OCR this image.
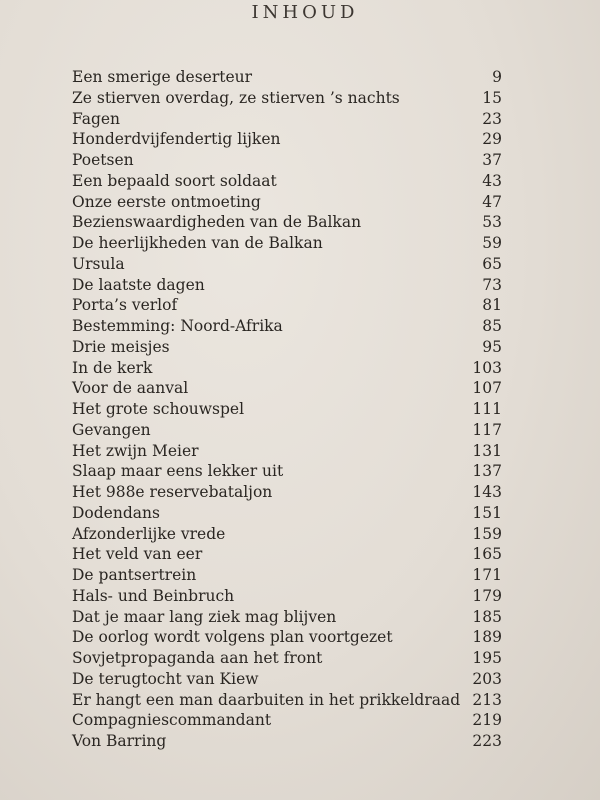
INHOUD
Een smerige deserteur	9
Ze stierven overdag, ze stierven ’s nachts	15
Fagen	23
Honderdvijfendertig lijken	29
Poetsen	37
Een bepaald soort soldaat	43
Onze eerste ontmoeting	47
Bezienswaardigheden van de Balkan	53
De heerlijkheden van de Balkan	59
Ursula	65
De laatste dagen	73
Porta’s verlof	81
Bestemming: Noord-Afrika	85
Drie meisjes	95
In de kerk	103
Voor de aanval	107
Het grote schouwspel	111
Gevangen	117
Het zwijn Meier	131
Slaap maar eens lekker uit	137
Het 988e reservebataljon	143
Dodendans	151
Afzonderlijke vrede	159
Het veld van eer	165
De pantsertrein	171
Hals- und Beinbruch	179
Dat je maar lang ziek mag blijven	185
De oorlog wordt volgens plan voortgezet	189
Sovjetpropaganda aan het front	195
De terugtocht van Kiew	203
Er hangt een man daarbuiten in het prikkeldraad 213
Compagniescommandant	219
Von Barring	223
